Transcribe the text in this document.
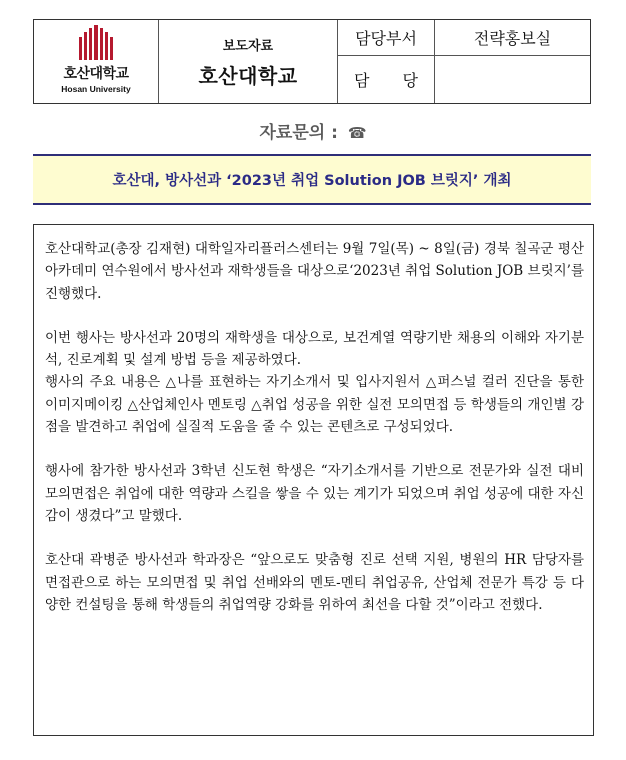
호산대학교
Hosan University
보도자료
호산대학교
담당부서	전략홍보실
담 당
자료문의 : ☎
호산대, 방사선과 ‘2023년 취업 Solution JOB 브릿지’ 개최

호산대학교(총장 김재현) 대학일자리플러스센터는 9월 7일(목) ~ 8일(금) 경북 칠곡군 평산아카데미 연수원에서 방사선과 재학생들을 대상으로‘2023년 취업 Solution JOB 브릿지’를 진행했다.

이번 행사는 방사선과 20명의 재학생을 대상으로, 보건계열 역량기반 채용의 이해와 자기분석, 진로계획 및 설계 방법 등을 제공하였다.

행사의 주요 내용은 △나를 표현하는 자기소개서 및 입사지원서 △퍼스널 컬러 진단을 통한 이미지메이킹 △산업체인사 멘토링 △취업 성공을 위한 실전 모의면접 등 학생들의 개인별 강점을 발견하고 취업에 실질적 도움을 줄 수 있는 콘텐츠로 구성되었다.

행사에 참가한 방사선과 3학년 신도현 학생은 “자기소개서를 기반으로 전문가와 실전 대비 모의면접은 취업에 대한 역량과 스킬을 쌓을 수 있는 계기가 되었으며 취업 성공에 대한 자신감이 생겼다”고 말했다.

호산대 곽병준 방사선과 학과장은 “앞으로도 맞춤형 진로 선택 지원, 병원의 HR 담당자를 면접관으로 하는 모의면접 및 취업 선배와의 멘토-멘티 취업공유, 산업체 전문가 특강 등 다양한 컨설팅을 통해 학생들의 취업역량 강화를 위하여 최선을 다할 것”이라고 전했다.
